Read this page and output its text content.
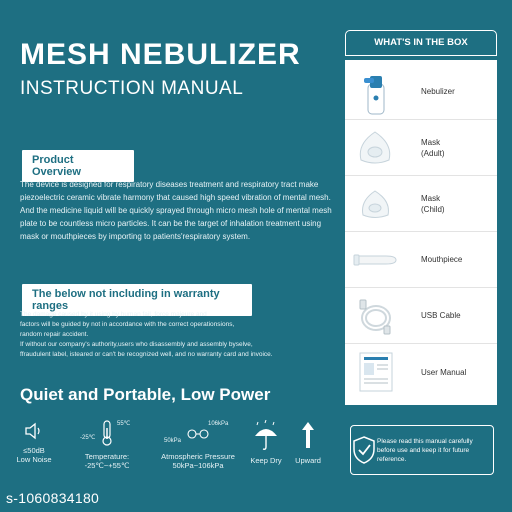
MESH NEBULIZER
INSTRUCTION MANUAL
Product Overview
The device is designed for respiratory diseases treatment and respiratory tract make piezoelectric ceramic vibrate harmony that caused high speed vibration of mental mesh. And the medicine liquid will be quickly sprayed through micro mesh hole of mental mesh plate to be countless micro particles. It can be the target of inhalation treatment using mask or mouthpieces by importing to patients'respiratory system.
The below not including in warranty ranges
The damage caused by it using by human fail, force majeure and
factors will be guided by not in accordance with the correct operationsions,
random repair accident.
If without our company's authority,users who disassembly and assembly byselve,
ffraudulent label, isteared or can't be recognized well, and no warranty card and invoice.
Quiet and Portable, Low Power
≤50dB
Low Noise
55℃
-25℃
Temperature:
-25℃~+55℃
106kPa
50kPa
Atmospheric Pressure
50kPa~106kPa
Keep Dry	Upward
s-1060834180
WHAT'S IN THE BOX
Nebulizer
Mask
(Adult)
Mask
(Child)
Mouthpiece
USB Cable
User Manual
Please read this manual carefully before use and keep it for future reference.
